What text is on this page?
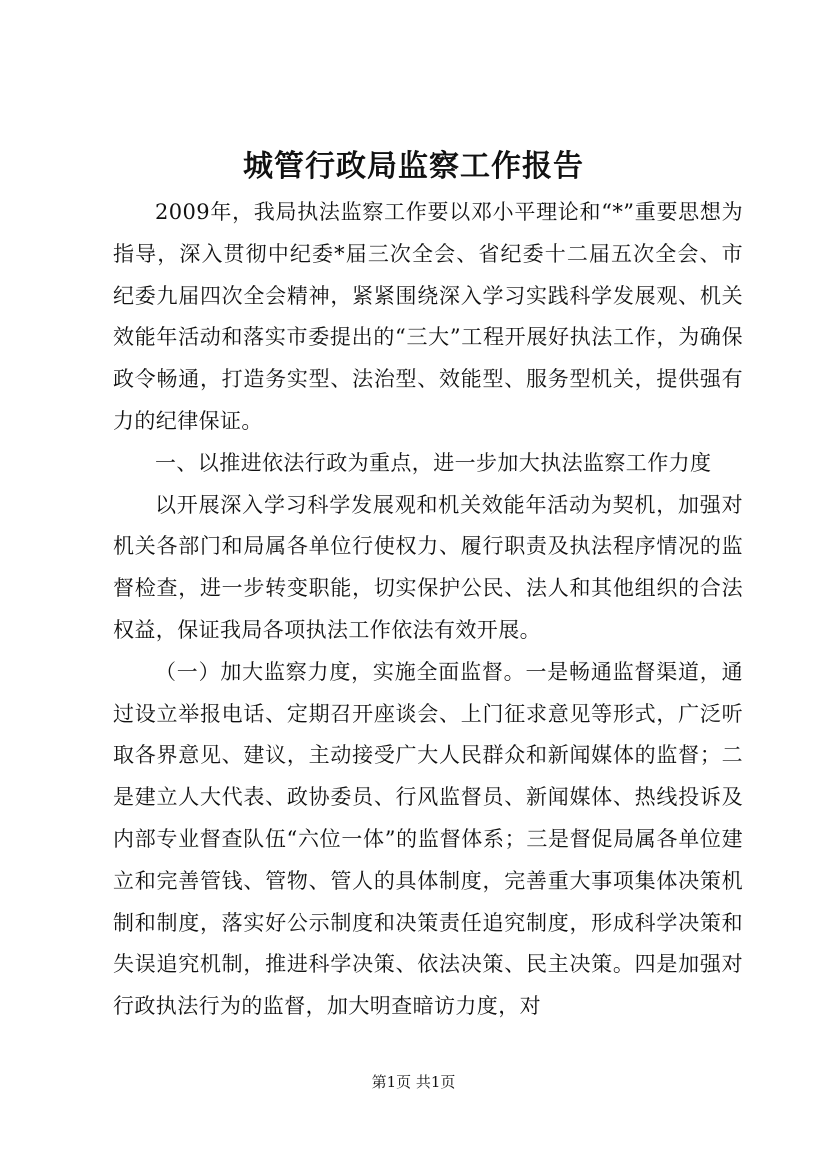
城管行政局监察工作报告

2009年，我局执法监察工作要以邓小平理论和“*”重要思想为指导，深入贯彻中纪委*届三次全会、省纪委十二届五次全会、市纪委九届四次全会精神，紧紧围绕深入学习实践科学发展观、机关效能年活动和落实市委提出的“三大”工程开展好执法工作，为确保政令畅通，打造务实型、法治型、效能型、服务型机关，提供强有力的纪律保证。

一、以推进依法行政为重点，进一步加大执法监察工作力度

以开展深入学习科学发展观和机关效能年活动为契机，加强对机关各部门和局属各单位行使权力、履行职责及执法程序情况的监督检查，进一步转变职能，切实保护公民、法人和其他组织的合法权益，保证我局各项执法工作依法有效开展。

（一）加大监察力度，实施全面监督。一是畅通监督渠道，通过设立举报电话、定期召开座谈会、上门征求意见等形式，广泛听取各界意见、建议，主动接受广大人民群众和新闻媒体的监督；二是建立人大代表、政协委员、行风监督员、新闻媒体、热线投诉及内部专业督查队伍“六位一体”的监督体系；三是督促局属各单位建立和完善管钱、管物、管人的具体制度，完善重大事项集体决策机制和制度，落实好公示制度和决策责任追究制度，形成科学决策和失误追究机制，推进科学决策、依法决策、民主决策。四是加强对行政执法行为的监督，加大明查暗访力度，对

第1页 共1页
